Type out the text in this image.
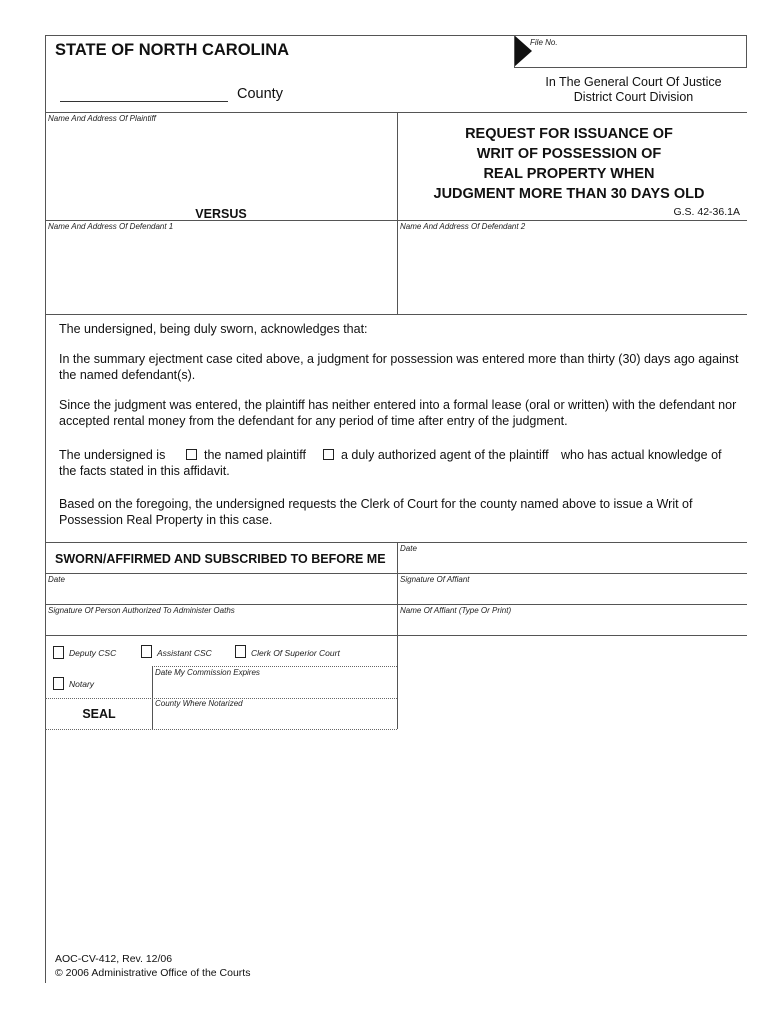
File No.
STATE OF NORTH CAROLINA
County
In The General Court Of Justice
District Court Division
Name And Address Of Plaintiff
REQUEST FOR ISSUANCE OF
WRIT OF POSSESSION OF
REAL PROPERTY WHEN
JUDGMENT MORE THAN 30 DAYS OLD
G.S. 42-36.1A
VERSUS
Name And Address Of Defendant 1	Name And Address Of Defendant 2
The undersigned, being duly sworn, acknowledges that:
In the summary ejectment case cited above, a judgment for possession was entered more than thirty (30) days ago against
the named defendant(s).
Since the judgment was entered, the plaintiff has neither entered into a formal lease (oral or written) with the defendant nor
accepted rental money from the defendant for any period of time after entry of the judgment.
The undersigned is	the named plaintiff	a duly authorized agent of the plaintiff who has actual knowledge of
the facts stated in this affidavit.
Based on the foregoing, the undersigned requests the Clerk of Court for the county named above to issue a Writ of
Possession Real Property in this case.
SWORN/AFFIRMED AND SUBSCRIBED TO BEFORE ME
Date
Date	Signature Of Affiant
Signature Of Person Authorized To Administer Oaths	Name Of Affiant (Type Or Print)
Deputy CSC	Assistant CSC	Clerk Of Superior Court
Notary
Date My Commission Expires
SEAL
County Where Notarized
AOC-CV-412, Rev. 12/06
© 2006 Administrative Office of the Courts
